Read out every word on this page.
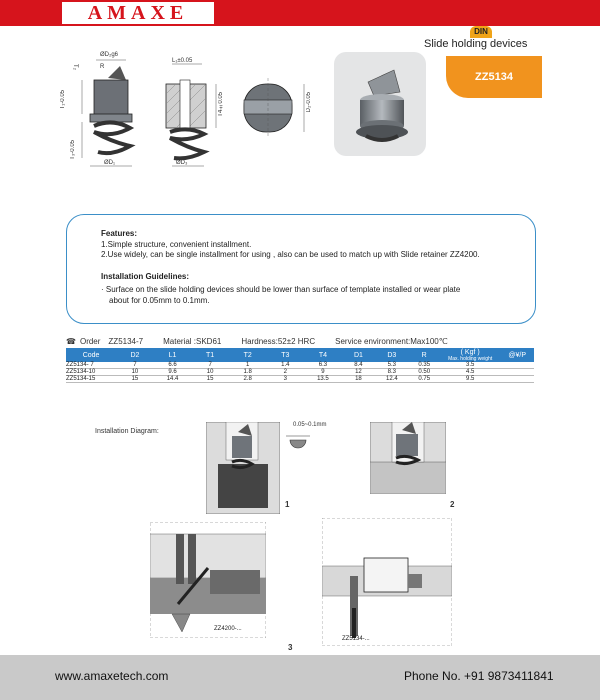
AMAXE
DIN
Slide holding devices
ZZ5134
ØD₂g6
R
T₂
T₁-0.05
T₃-0.05
ØD₁
L₁±0.05
T4±0.05
ØD₃
D₂-0.05
Features:
1.Simple structure, convenient installment.
2.Use widely, can be single installment for using , also can be used to match up with Slide retainer ZZ4200.
Installation Guidelines:
· Surface on the slide holding devices should be lower than surface of template installed or wear plate
about for 0.05mm to 0.1mm.
☎ Order ZZ5134-7	Material :SKD61	Hardness:52±2 HRC	Service environment:Max100℃
Code	D2	L1	T1	T2	T3	T4	D1	D3	R	( Kgf )
Max. holding weight	@¥/P
ZZ5134- 7	7	6.6	7	1	1.4	6.3	8.4	5.3	0.35	3.5	
ZZ5134-10	10	9.6	10	1.8	2	9	12	8.3	0.50	4.5	
ZZ5134-15	15	14.4	15	2.8	3	13.5	18	12.4	0.75	9.5	
Installation Diagram:
1
0.05~0.1mm
2
ZZ4200-...
3
ZZ5134-...
www.amaxetech.com	Phone No. +91 9873411841
